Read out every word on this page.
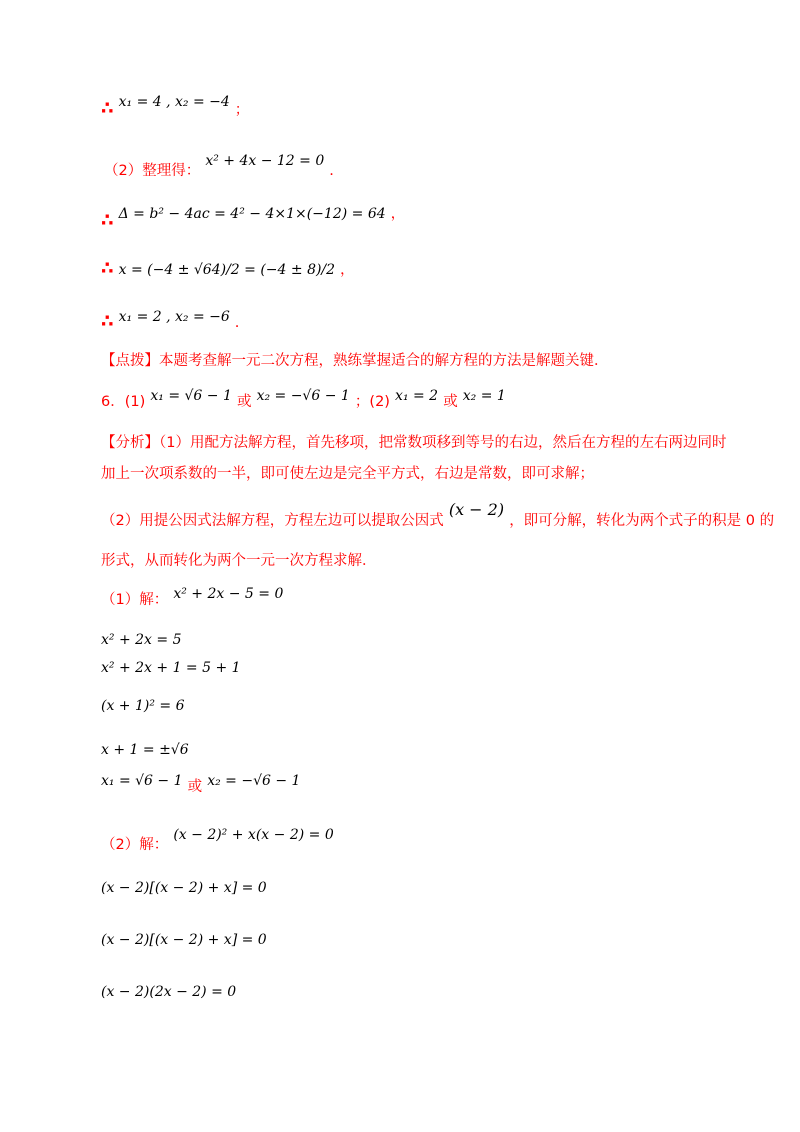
∴ x₁ = 4 , x₂ = −4 ；
（2）整理得： x² + 4x − 12 = 0 ．
∴ Δ = b² − 4ac = 4² − 4×1×(−12) = 64 ，
∴ x = (−4 ± √64)/2 = (−4 ± 8)/2 ，
∴ x₁ = 2 , x₂ = −6 ．
【点拨】本题考查解一元二次方程，熟练掌握适合的解方程的方法是解题关键．
6．(1) x₁ = √6 − 1 或 x₂ = −√6 − 1 ；(2) x₁ = 2 或 x₂ = 1
【分析】（1）用配方法解方程，首先移项，把常数项移到等号的右边，然后在方程的左右两边同时
加上一次项系数的一半，即可使左边是完全平方式，右边是常数，即可求解；
（2）用提公因式法解方程，方程左边可以提取公因式 (x − 2) ，即可分解，转化为两个式子的积是 0 的
形式，从而转化为两个一元一次方程求解．
（1）解： x² + 2x − 5 = 0
x² + 2x = 5
x² + 2x + 1 = 5 + 1
(x + 1)² = 6
x + 1 = ±√6
x₁ = √6 − 1 或 x₂ = −√6 − 1
（2）解： (x − 2)² + x(x − 2) = 0
(x − 2)[(x − 2) + x] = 0
(x − 2)[(x − 2) + x] = 0
(x − 2)(2x − 2) = 0
